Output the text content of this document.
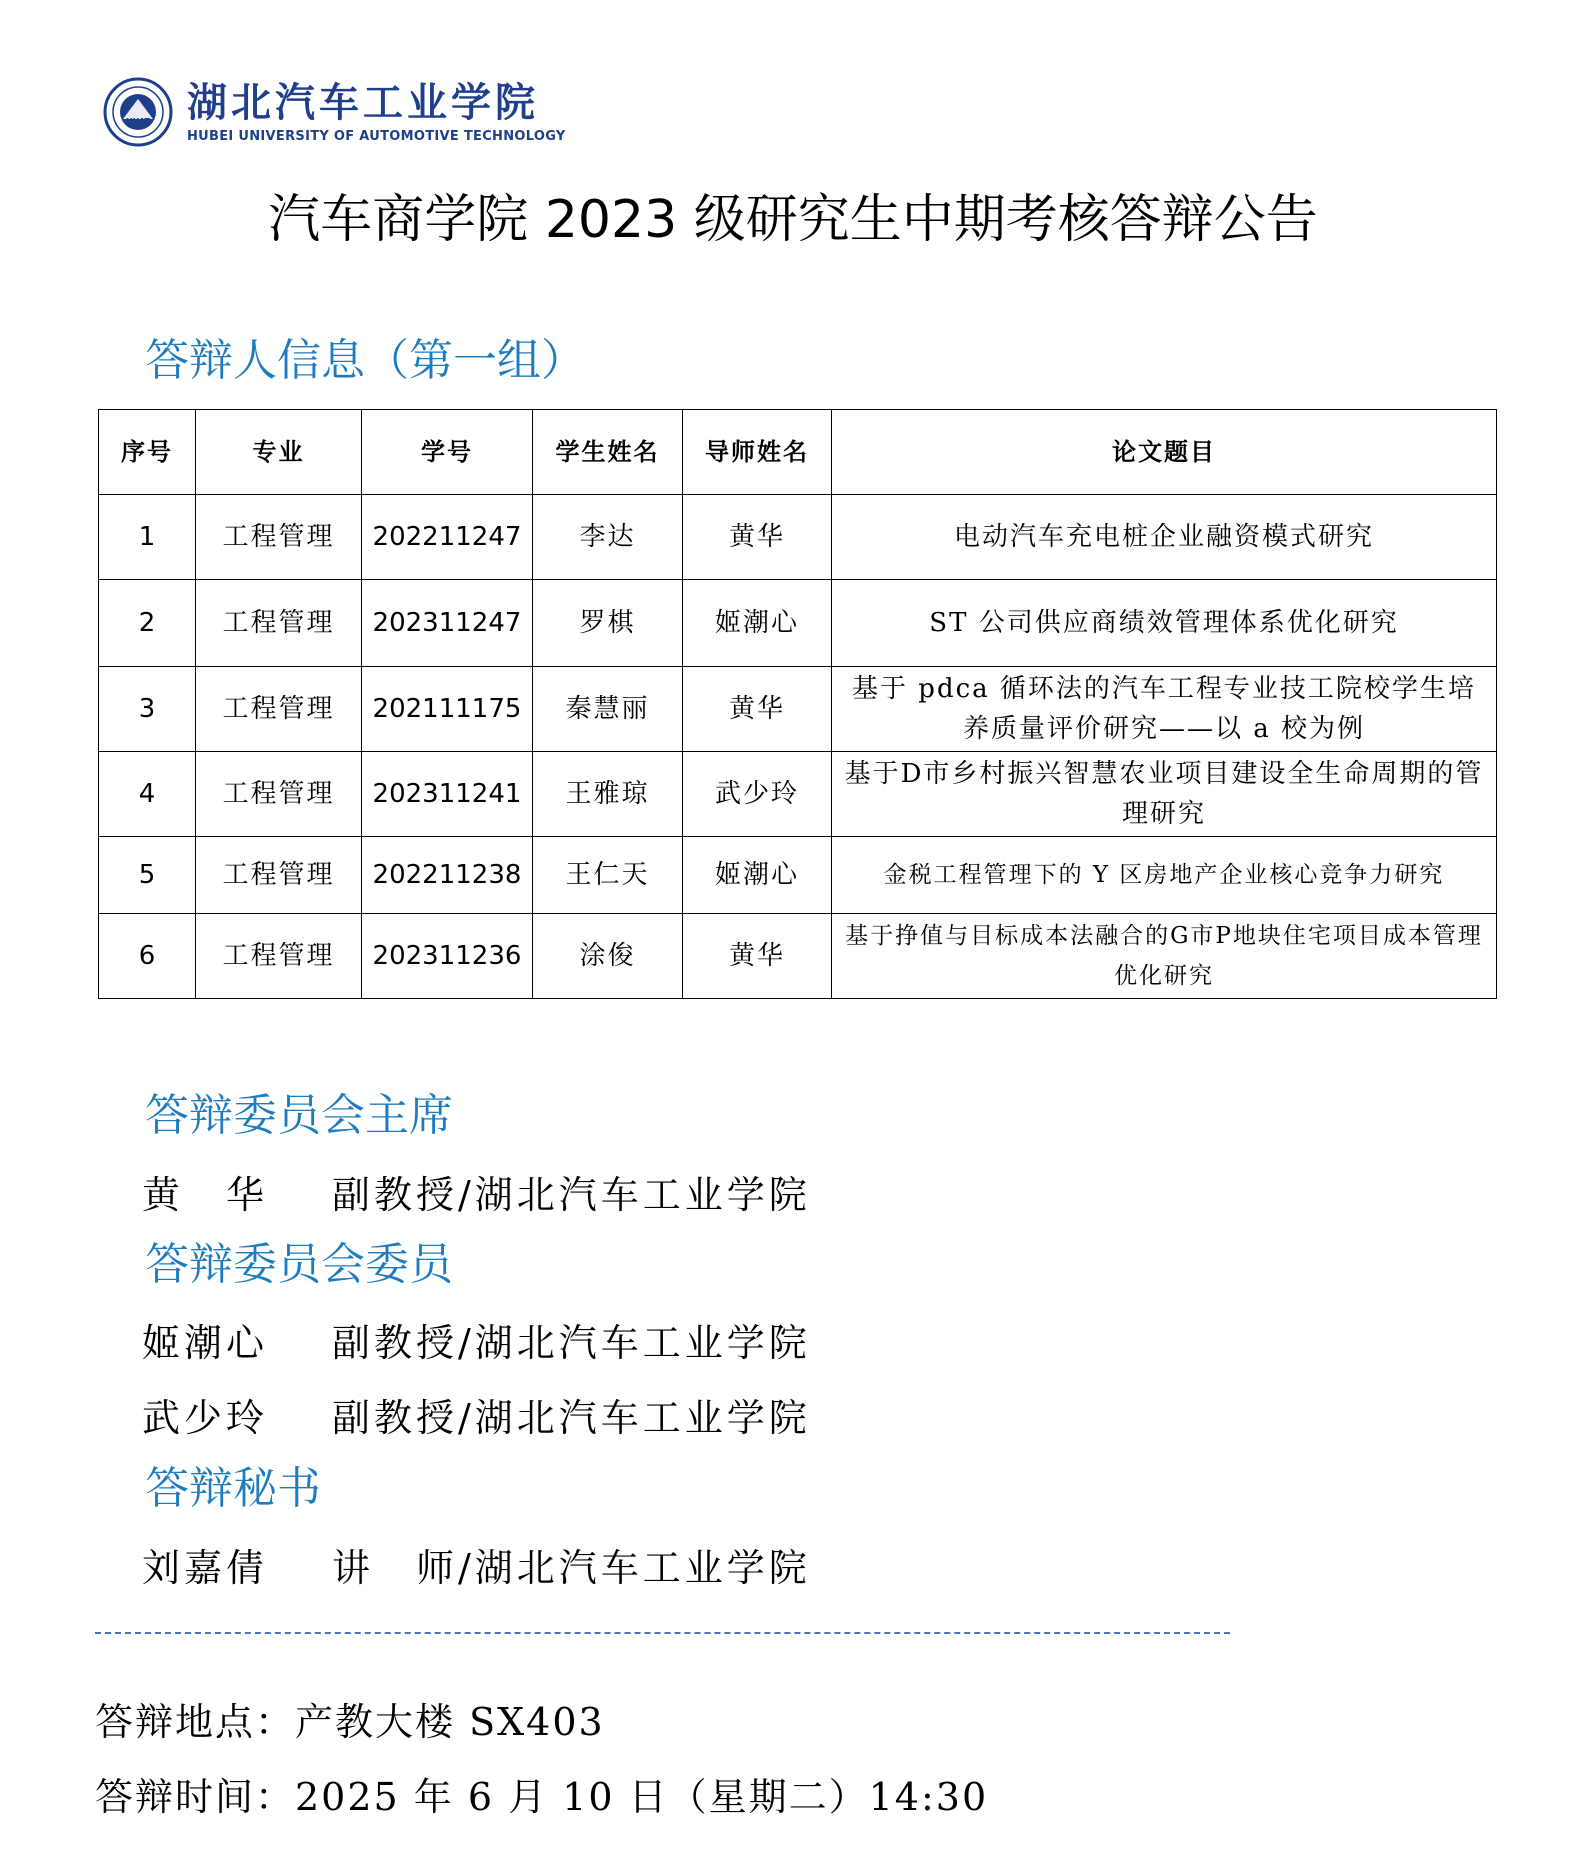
HUAT 湖北汽车工业学院
HUBEI UNIVERSITY OF AUTOMOTIVE TECHNOLOGY
汽车商学院 2023 级研究生中期考核答辩公告
答辩人信息（第一组）
序号	专业	学号	学生姓名	导师姓名	论文题目
1	工程管理	202211247	李达	黄华	电动汽车充电桩企业融资模式研究
2	工程管理	202311247	罗棋	姬潮心	ST 公司供应商绩效管理体系优化研究
3	工程管理	202111175	秦慧丽	黄华	基于 pdca 循环法的汽车工程专业技工院校学生培养质量评价研究——以 a 校为例
4	工程管理	202311241	王雅琼	武少玲	基于D市乡村振兴智慧农业项目建设全生命周期的管理研究
5	工程管理	202211238	王仁天	姬潮心	金税工程管理下的 Y 区房地产企业核心竞争力研究
6	工程管理	202311236	涂俊	黄华	基于挣值与目标成本法融合的G市P地块住宅项目成本管理优化研究
答辩委员会主席
黄　华 副教授/湖北汽车工业学院
答辩委员会委员
姬潮心 副教授/湖北汽车工业学院
武少玲 副教授/湖北汽车工业学院
答辩秘书
刘嘉倩 讲　师/湖北汽车工业学院
答辩地点：产教大楼 SX403
答辩时间：2025 年 6 月 10 日（星期二）14:30
